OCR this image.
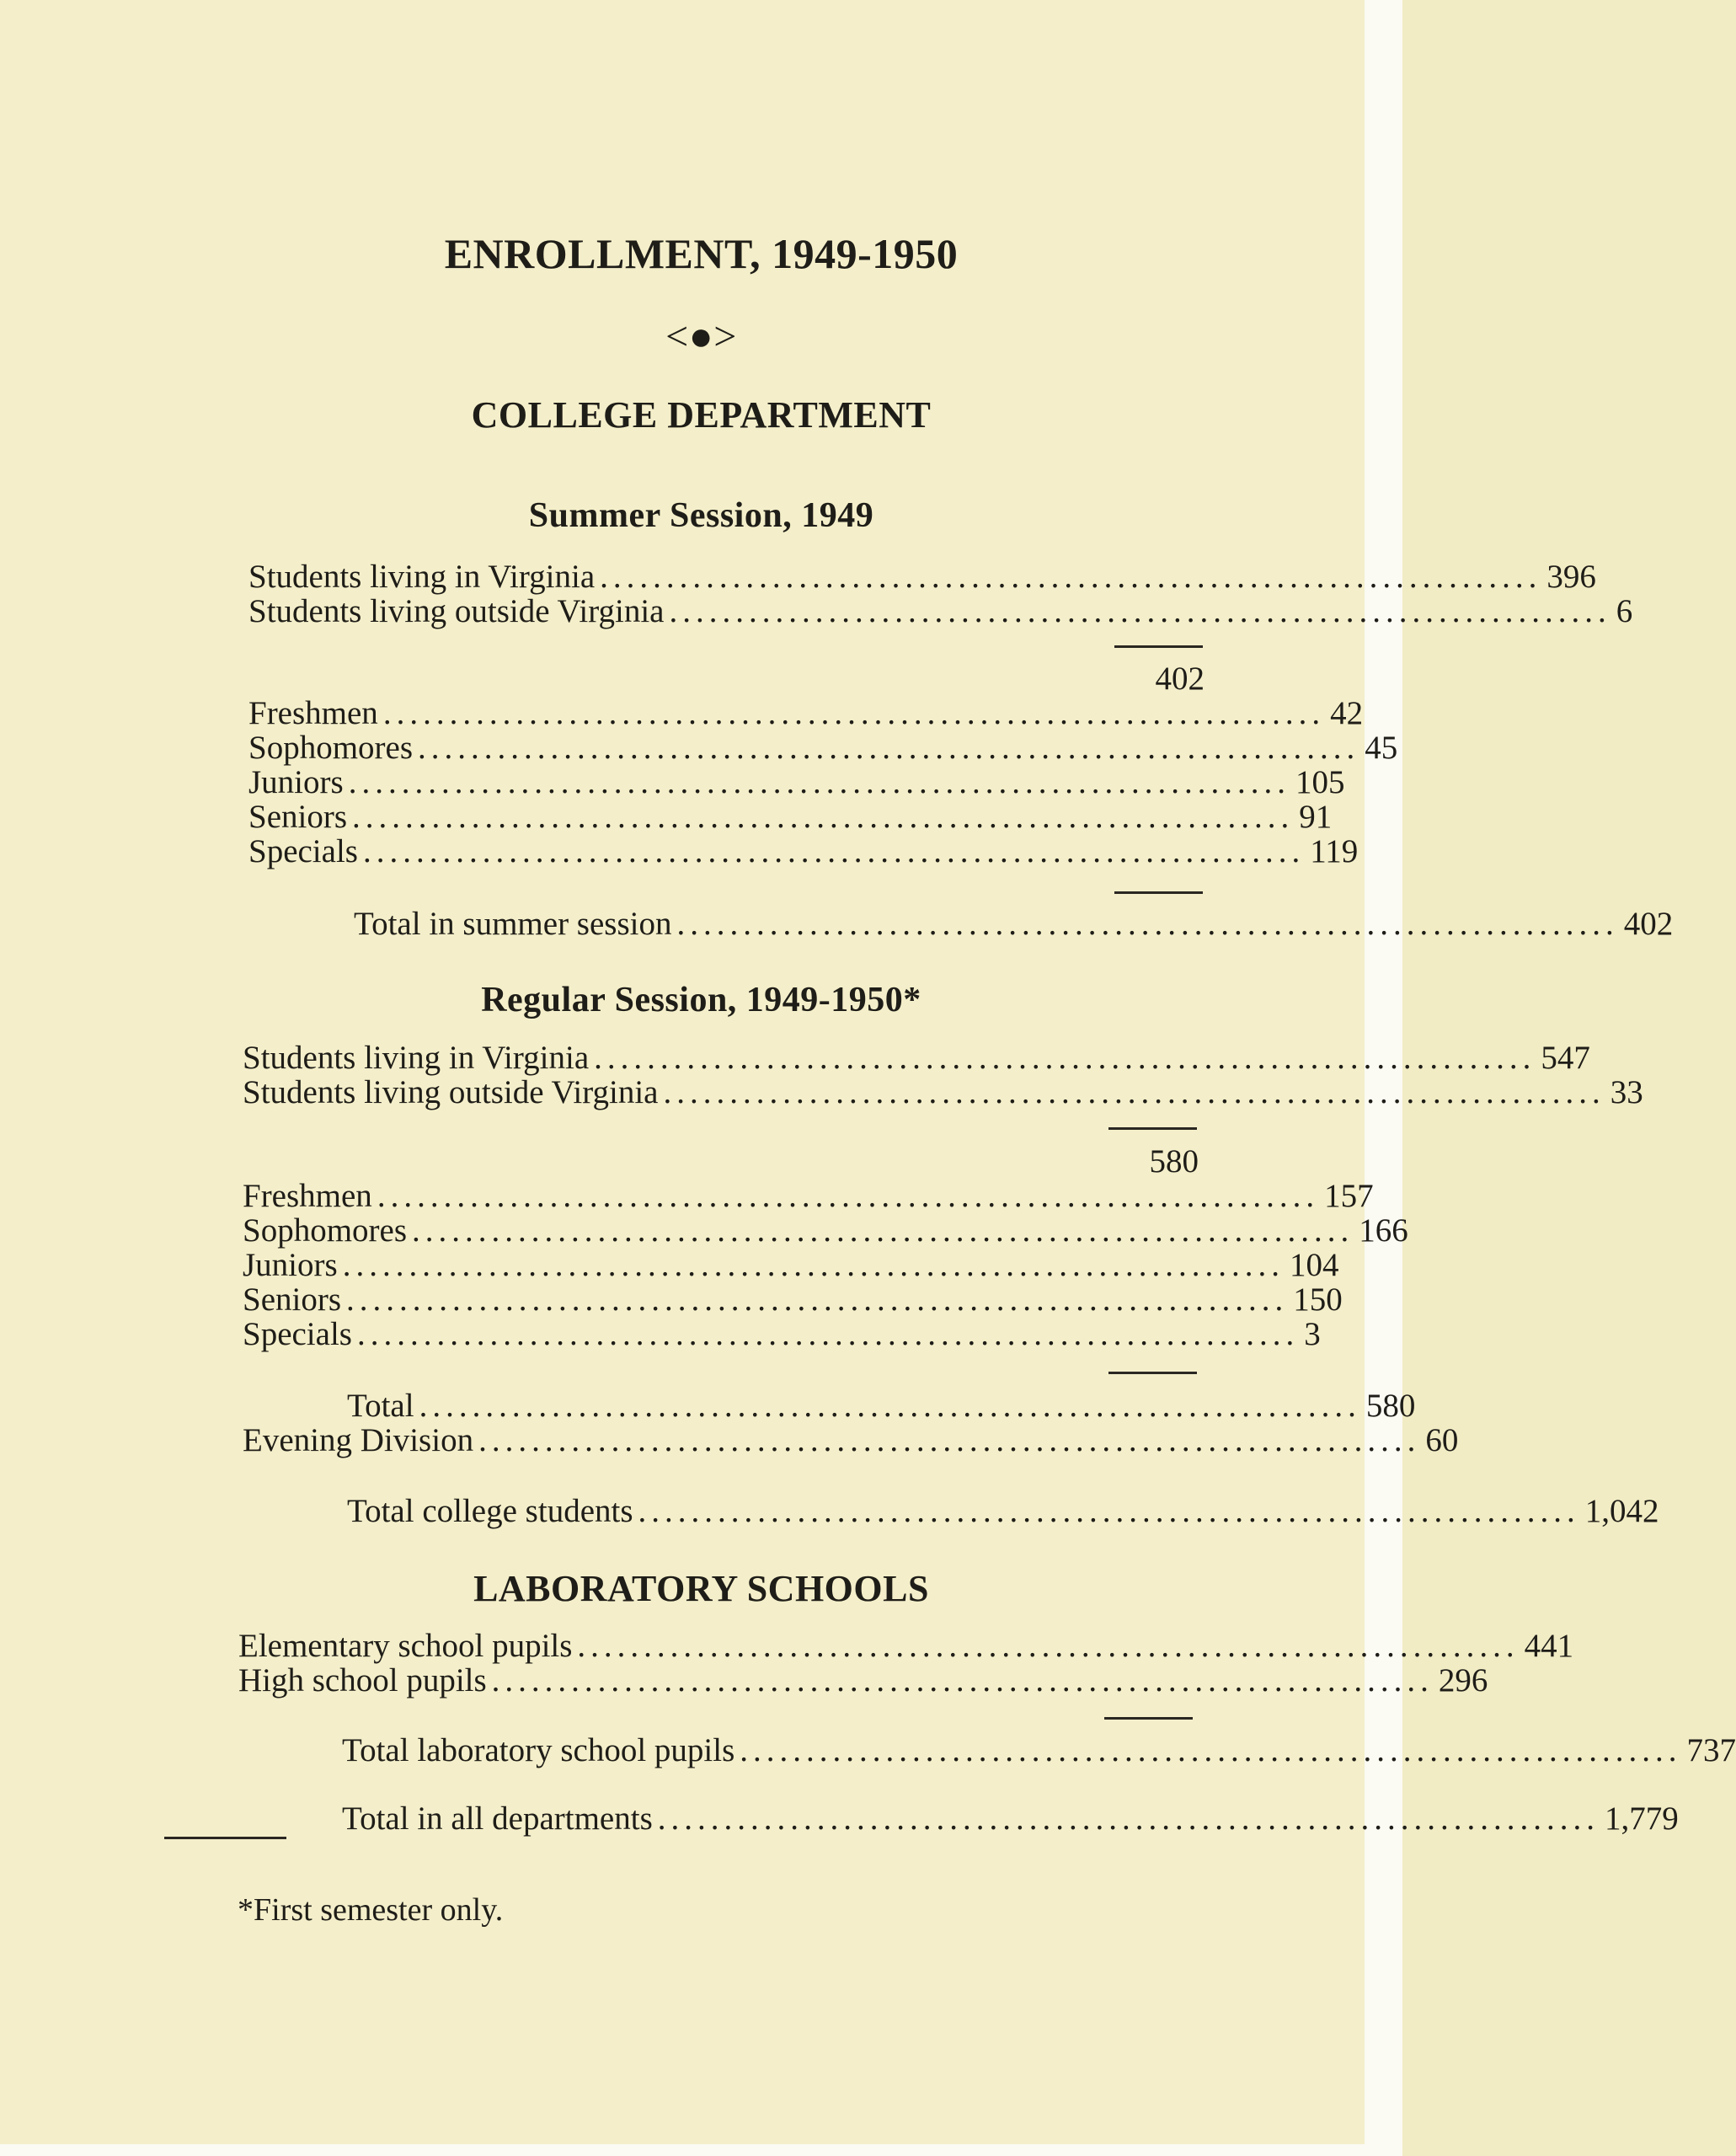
ENROLLMENT, 1949-1950
<●>
COLLEGE DEPARTMENT
Summer Session, 1949
Students living in Virginia ....................................................................... 396
Students living outside Virginia ....................................................................... 6
402
Freshmen ....................................................................... 42
Sophomores ....................................................................... 45
Juniors ....................................................................... 105
Seniors ....................................................................... 91
Specials ....................................................................... 119
Total in summer session ....................................................................... 402
Regular Session, 1949-1950*
Students living in Virginia ....................................................................... 547
Students living outside Virginia ....................................................................... 33
580
Freshmen ....................................................................... 157
Sophomores ....................................................................... 166
Juniors ....................................................................... 104
Seniors ....................................................................... 150
Specials ....................................................................... 3
Total ....................................................................... 580
Evening Division ....................................................................... 60
Total college students ....................................................................... 1,042
LABORATORY SCHOOLS
Elementary school pupils ....................................................................... 441
High school pupils ....................................................................... 296
Total laboratory school pupils ....................................................................... 737
Total in all departments ....................................................................... 1,779
*First semester only.
